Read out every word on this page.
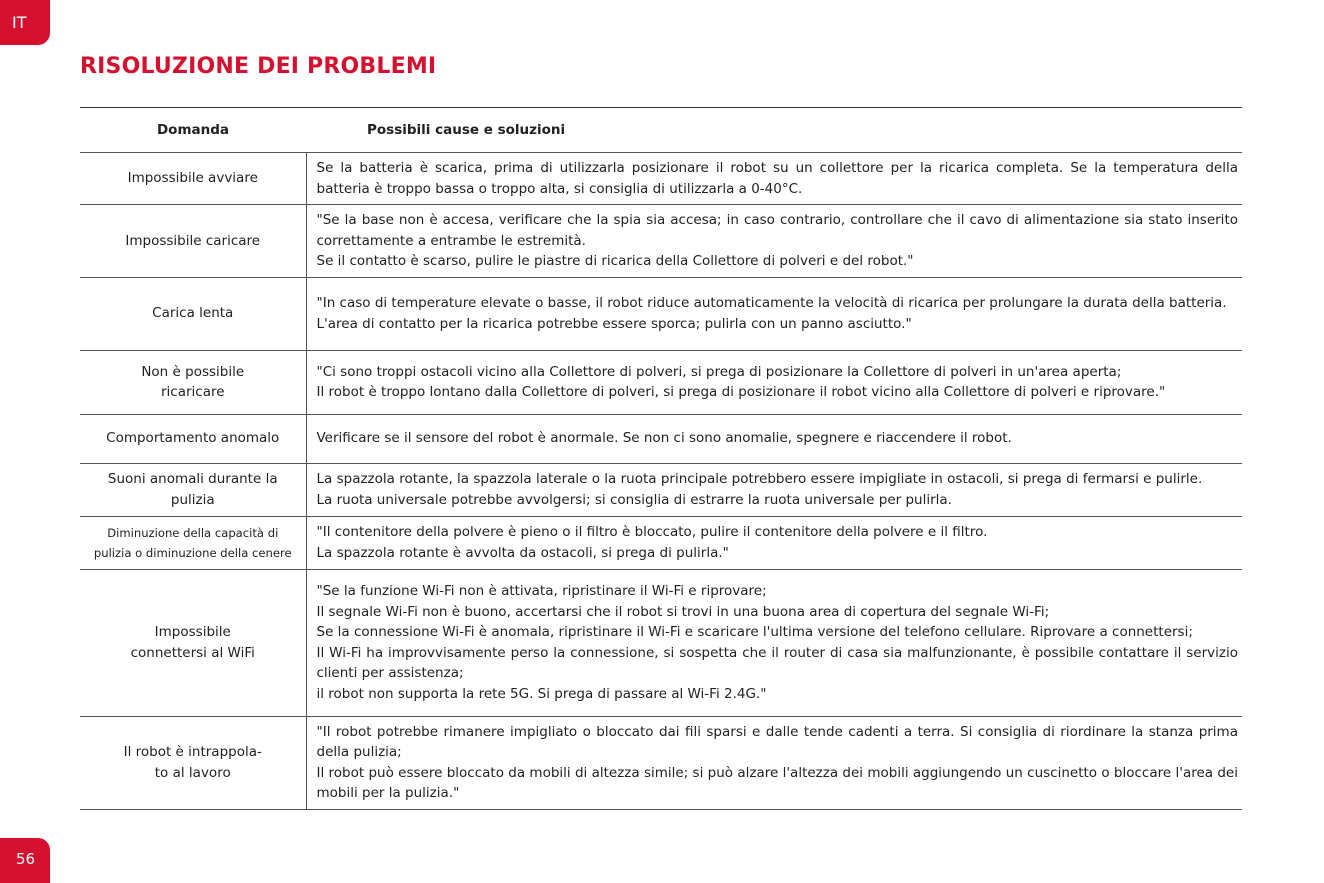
IT
RISOLUZIONE DEI PROBLEMI
Domanda	Possibili cause e soluzioni

Impossibile avviare	Se la batteria è scarica, prima di utilizzarla posizionare il robot su un collettore per la ricarica completa. Se la temperatura della batteria è troppo bassa o troppo alta, si consiglia di utilizzarla a 0-40°C.

Impossibile caricare	"Se la base non è accesa, verificare che la spia sia accesa; in caso contrario, controllare che il cavo di alimentazione sia stato inserito correttamente a entrambe le estremità.
Se il contatto è scarso, pulire le piastre di ricarica della Collettore di polveri e del robot."

Carica lenta	"In caso di temperature elevate o basse, il robot riduce automaticamente la velocità di ricarica per prolungare la durata della batteria.
L'area di contatto per la ricarica potrebbe essere sporca; pulirla con un panno asciutto."

Non è possibile
ricaricare	"Ci sono troppi ostacoli vicino alla Collettore di polveri, si prega di posizionare la Collettore di polveri in un'area aperta;
Il robot è troppo lontano dalla Collettore di polveri, si prega di posizionare il robot vicino alla Collettore di polveri e riprovare."

Comportamento anomalo	Verificare se il sensore del robot è anormale. Se non ci sono anomalie, spegnere e riaccendere il robot.

Suoni anomali durante la
pulizia	La spazzola rotante, la spazzola laterale o la ruota principale potrebbero essere impigliate in ostacoli, si prega di fermarsi e pulirle.
La ruota universale potrebbe avvolgersi; si consiglia di estrarre la ruota universale per pulirla.

Diminuzione della capacità di
pulizia o diminuzione della cenere	"Il contenitore della polvere è pieno o il filtro è bloccato, pulire il contenitore della polvere e il filtro.
La spazzola rotante è avvolta da ostacoli, si prega di pulirla."

Impossibile
connettersi al WiFi	"Se la funzione Wi-Fi non è attivata, ripristinare il Wi-Fi e riprovare;
Il segnale Wi-Fi non è buono, accertarsi che il robot si trovi in una buona area di copertura del segnale Wi-Fi;
Se la connessione Wi-Fi è anomala, ripristinare il Wi-Fi e scaricare l'ultima versione del telefono cellulare. Riprovare a connettersi;
Il Wi-Fi ha improvvisamente perso la connessione, si sospetta che il router di casa sia malfunzionante, è possibile contattare il servizio clienti per assistenza;
il robot non supporta la rete 5G. Si prega di passare al Wi-Fi 2.4G."

Il robot è intrappola-
to al lavoro	"Il robot potrebbe rimanere impigliato o bloccato dai fili sparsi e dalle tende cadenti a terra. Si consiglia di riordinare la stanza prima della pulizia;
Il robot può essere bloccato da mobili di altezza simile; si può alzare l'altezza dei mobili aggiungendo un cuscinetto o bloccare l'area dei mobili per la pulizia."
56
